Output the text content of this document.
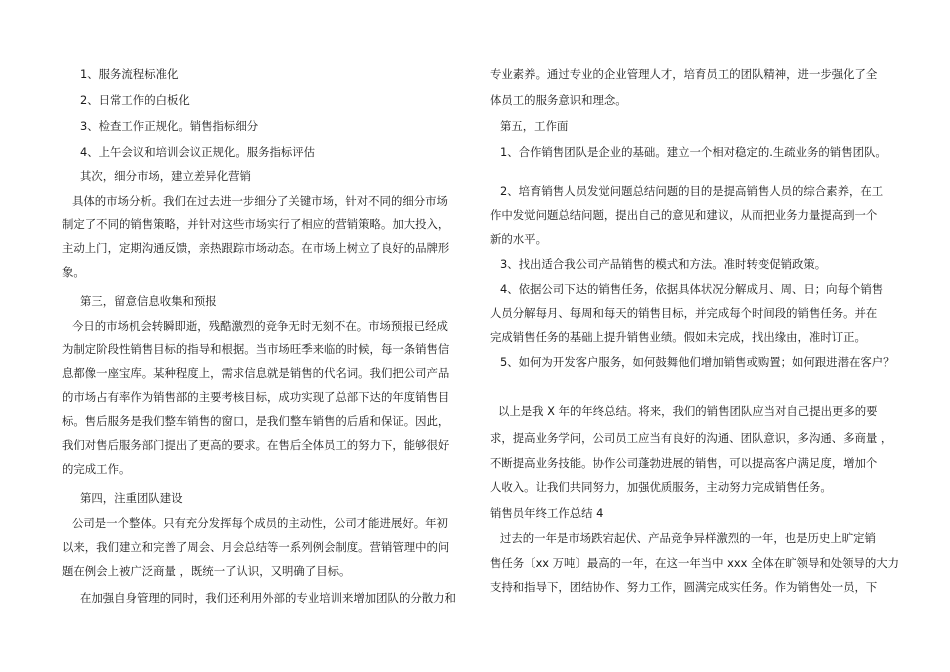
1、服务流程标准化
2、日常工作的白板化
3、检查工作正规化。销售指标细分
4、上午会议和培训会议正规化。服务指标评估
其次，细分市场，建立差异化营销
具体的市场分析。我们在过去进一步细分了关键市场，针对不同的细分市场
制定了不同的销售策略，并针对这些市场实行了相应的营销策略。加大投入，
主动上门，定期沟通反馈，亲热跟踪市场动态。在市场上树立了良好的品牌形
象。
第三，留意信息收集和预报
今日的市场机会转瞬即逝，残酷激烈的竞争无时无刻不在。市场预报已经成
为制定阶段性销售目标的指导和根据。当市场旺季来临的时候，每一条销售信
息都像一座宝库。某种程度上，需求信息就是销售的代名词。我们把公司产品
的市场占有率作为销售部的主要考核目标，成功实现了总部下达的年度销售目
标。售后服务是我们整车销售的窗口，是我们整车销售的后盾和保证。因此，
我们对售后服务部门提出了更高的要求。在售后全体员工的努力下，能够很好
的完成工作。
第四，注重团队建设
公司是一个整体。只有充分发挥每个成员的主动性，公司才能进展好。年初
以来，我们建立和完善了周会、月会总结等一系列例会制度。营销管理中的问
题在例会上被广泛商量 ，既统一了认识，又明确了目标。
在加强自身管理的同时，我们还利用外部的专业培训来增加团队的分散力和
专业素养。通过专业的企业管理人才，培育员工的团队精神，进一步强化了全
体员工的服务意识和理念。
第五，工作面
1、合作销售团队是企业的基础。建立一个相对稳定的.生疏业务的销售团队。
2、培育销售人员发觉问题总结问题的目的是提高销售人员的综合素养，在工
作中发觉问题总结问题，提出自己的意见和建议，从而把业务力量提高到一个
新的水平。
3、找出适合我公司产品销售的模式和方法。准时转变促销政策。
4、依据公司下达的销售任务，依据具体状况分解成月、周、日；向每个销售
人员分解每月、每周和每天的销售目标，并完成每个时间段的销售任务。并在
完成销售任务的基础上提升销售业绩。假如未完成，找出缘由，准时订正。
5、如何为开发客户服务，如何鼓舞他们增加销售或购置；如何跟进潜在客户？
以上是我 X 年的年终总结。将来，我们的销售团队应当对自己提出更多的要
求，提高业务学问，公司员工应当有良好的沟通、团队意识，多沟通、多商量 ，
不断提高业务技能。协作公司蓬勃进展的销售，可以提高客户满足度，增加个
人收入。让我们共同努力，加强优质服务，主动努力完成销售任务。
销售员年终工作总结 4
过去的一年是市场跌宕起伏、产品竞争异样激烈的一年，也是历史上旷定销
售任务〔xx 万吨〕最高的一年，在这一年当中 xxx 全体在旷领导和处领导的大力
支持和指导下，团结协作、努力工作，圆满完成实任务。作为销售处一员，下
